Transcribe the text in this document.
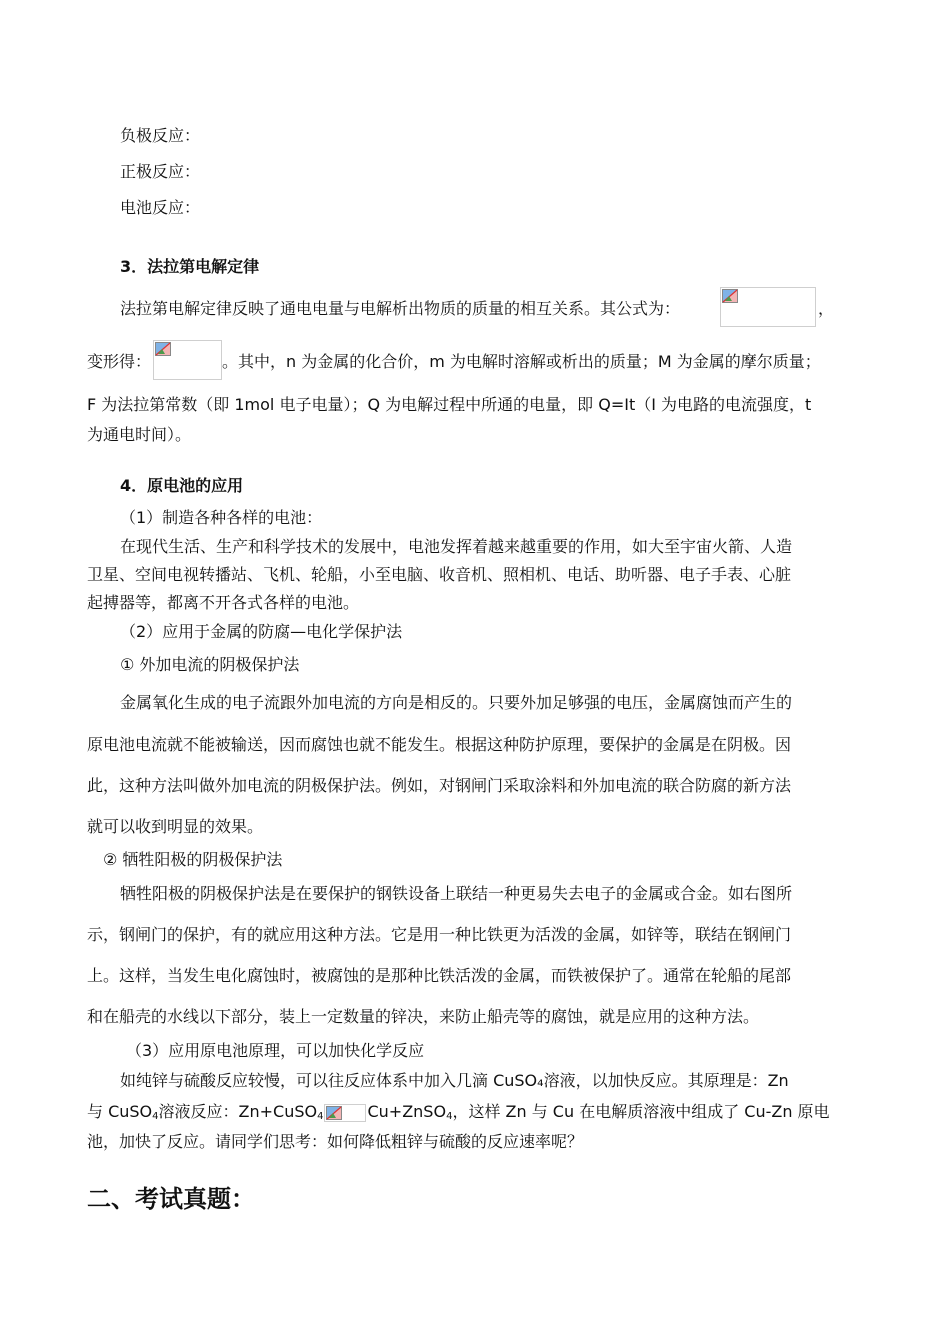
负极反应：
正极反应：
电池反应：
3．法拉第电解定律
法拉第电解定律反映了通电电量与电解析出物质的质量的相互关系。其公式为：	，
变形得：	。其中，n 为金属的化合价，m 为电解时溶解或析出的质量；M 为金属的摩尔质量；
F 为法拉第常数（即 1mol 电子电量）；Q 为电解过程中所通的电量，即 Q=It（I 为电路的电流强度，t
为通电时间）。
4．原电池的应用
（1）制造各种各样的电池：
在现代生活、生产和科学技术的发展中，电池发挥着越来越重要的作用，如大至宇宙火箭、人造
卫星、空间电视转播站、飞机、轮船，小至电脑、收音机、照相机、电话、助听器、电子手表、心脏
起搏器等，都离不开各式各样的电池。
（2）应用于金属的防腐—电化学保护法
① 外加电流的阴极保护法
金属氧化生成的电子流跟外加电流的方向是相反的。只要外加足够强的电压，金属腐蚀而产生的
原电池电流就不能被输送，因而腐蚀也就不能发生。根据这种防护原理，要保护的金属是在阴极。因
此，这种方法叫做外加电流的阴极保护法。例如，对钢闸门采取涂料和外加电流的联合防腐的新方法
就可以收到明显的效果。
② 牺牲阳极的阴极保护法
牺牲阳极的阴极保护法是在要保护的钢铁设备上联结一种更易失去电子的金属或合金。如右图所
示，钢闸门的保护，有的就应用这种方法。它是用一种比铁更为活泼的金属，如锌等，联结在钢闸门
上。这样，当发生电化腐蚀时，被腐蚀的是那种比铁活泼的金属，而铁被保护了。通常在轮船的尾部
和在船壳的水线以下部分，装上一定数量的锌决，来防止船壳等的腐蚀，就是应用的这种方法。
（3）应用原电池原理，可以加快化学反应
如纯锌与硫酸反应较慢，可以往反应体系中加入几滴 CuSO₄溶液，以加快反应。其原理是：Zn
与 CuSO$_4$溶液反应：Zn+CuSO$_4$	Cu+ZnSO$_4$，这样 Zn 与 Cu 在电解质溶液中组成了 Cu-Zn 原电
池，加快了反应。请同学们思考：如何降低粗锌与硫酸的反应速率呢？
二、考试真题：
